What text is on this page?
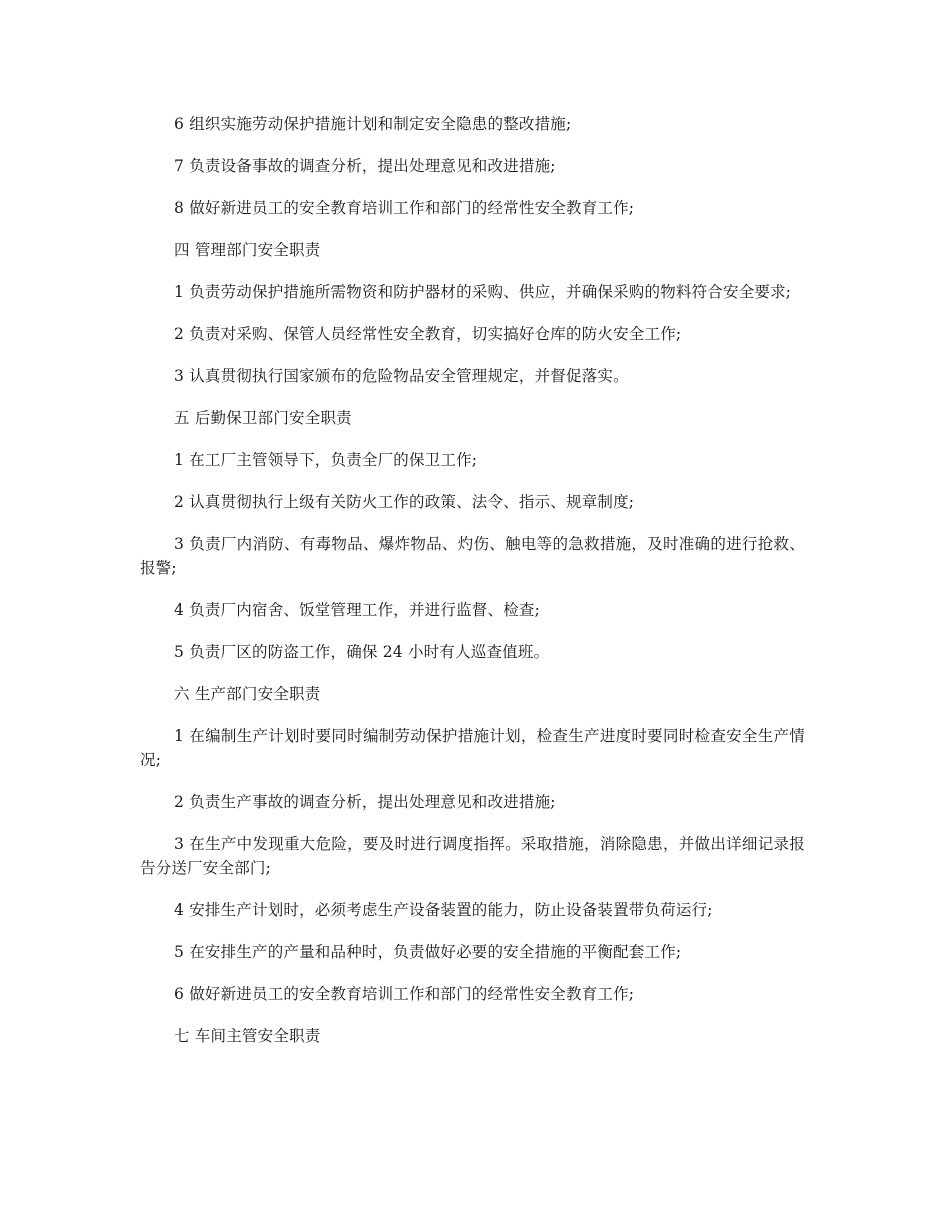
6 组织实施劳动保护措施计划和制定安全隐患的整改措施;

7 负责设备事故的调查分析，提出处理意见和改进措施;

8 做好新进员工的安全教育培训工作和部门的经常性安全教育工作;

四 管理部门安全职责

1 负责劳动保护措施所需物资和防护器材的采购、供应，并确保采购的物料符合安全要求;

2 负责对采购、保管人员经常性安全教育，切实搞好仓库的防火安全工作;

3 认真贯彻执行国家颁布的危险物品安全管理规定，并督促落实。

五 后勤保卫部门安全职责

1 在工厂主管领导下，负责全厂的保卫工作;

2 认真贯彻执行上级有关防火工作的政策、法令、指示、规章制度;

3 负责厂内消防、有毒物品、爆炸物品、灼伤、触电等的急救措施，及时准确的进行抢救、报警;

4 负责厂内宿舍、饭堂管理工作，并进行监督、检查;

5 负责厂区的防盗工作，确保 24 小时有人巡查值班。

六 生产部门安全职责

1 在编制生产计划时要同时编制劳动保护措施计划，检查生产进度时要同时检查安全生产情况;

2 负责生产事故的调查分析，提出处理意见和改进措施;

3 在生产中发现重大危险，要及时进行调度指挥。采取措施，消除隐患，并做出详细记录报告分送厂安全部门;

4 安排生产计划时，必须考虑生产设备装置的能力，防止设备装置带负荷运行;

5 在安排生产的产量和品种时，负责做好必要的安全措施的平衡配套工作;

6 做好新进员工的安全教育培训工作和部门的经常性安全教育工作;

七 车间主管安全职责
